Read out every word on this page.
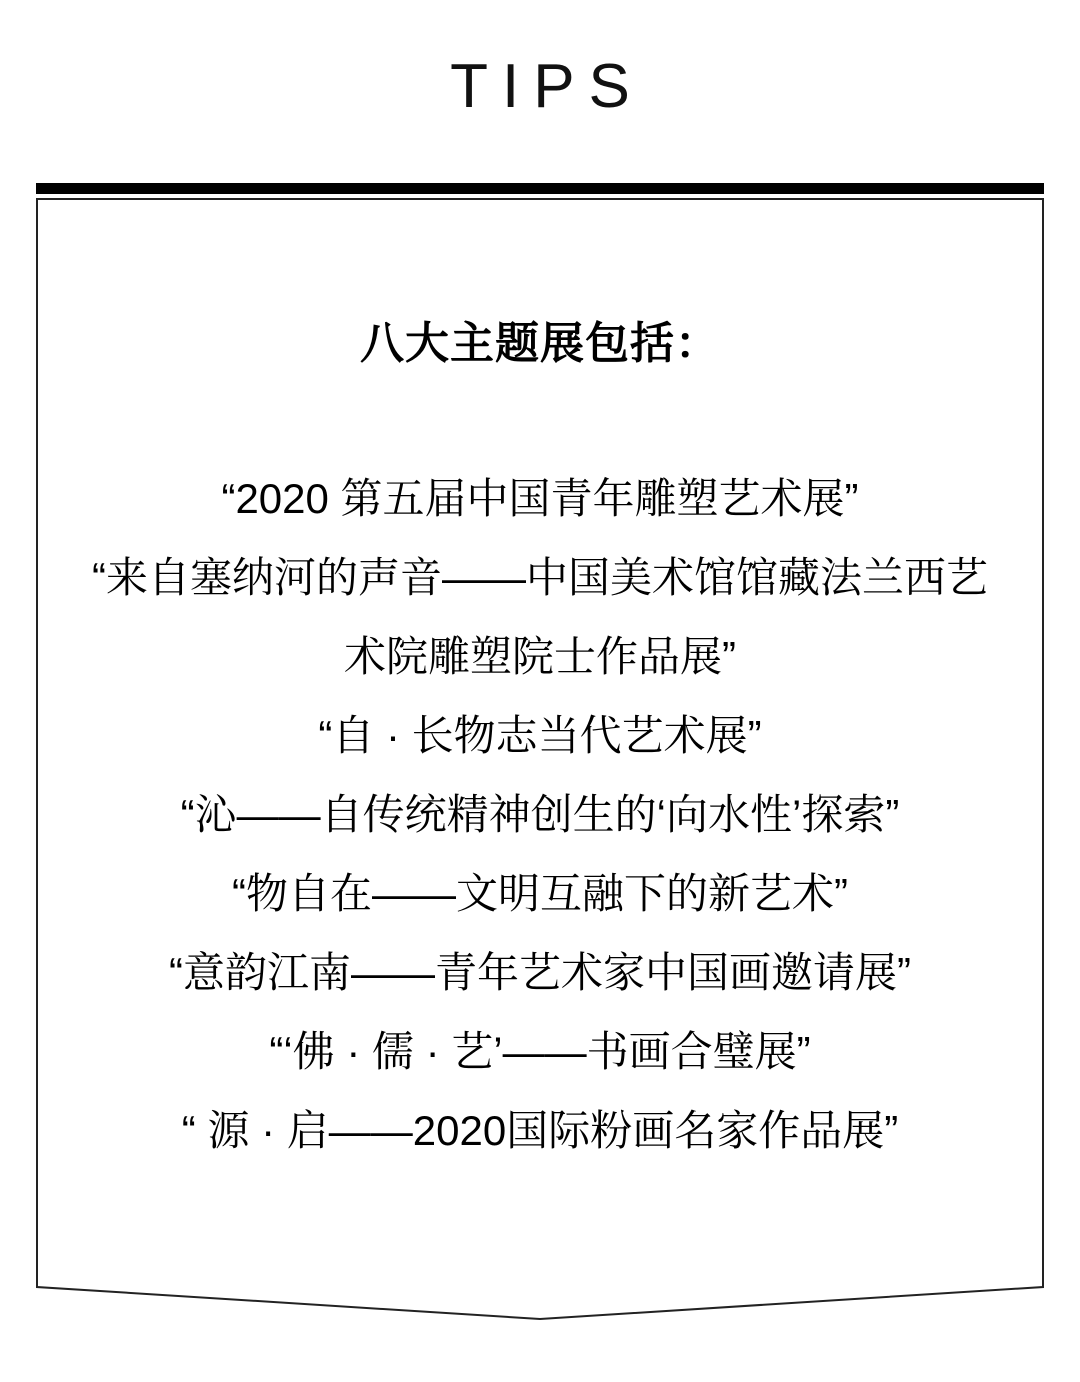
TIPS
八大主题展包括：
“2020 第五届中国青年雕塑艺术展”
“来自塞纳河的声音——中国美术馆馆藏法兰西艺
术院雕塑院士作品展”
“自 · 长物志当代艺术展”
“沁——自传统精神创生的‘向水性’探索”
“物自在——文明互融下的新艺术”
“意韵江南——青年艺术家中国画邀请展”
“‘佛 · 儒 · 艺’——书画合璧展”
“ 源 · 启——2020国际粉画名家作品展”
